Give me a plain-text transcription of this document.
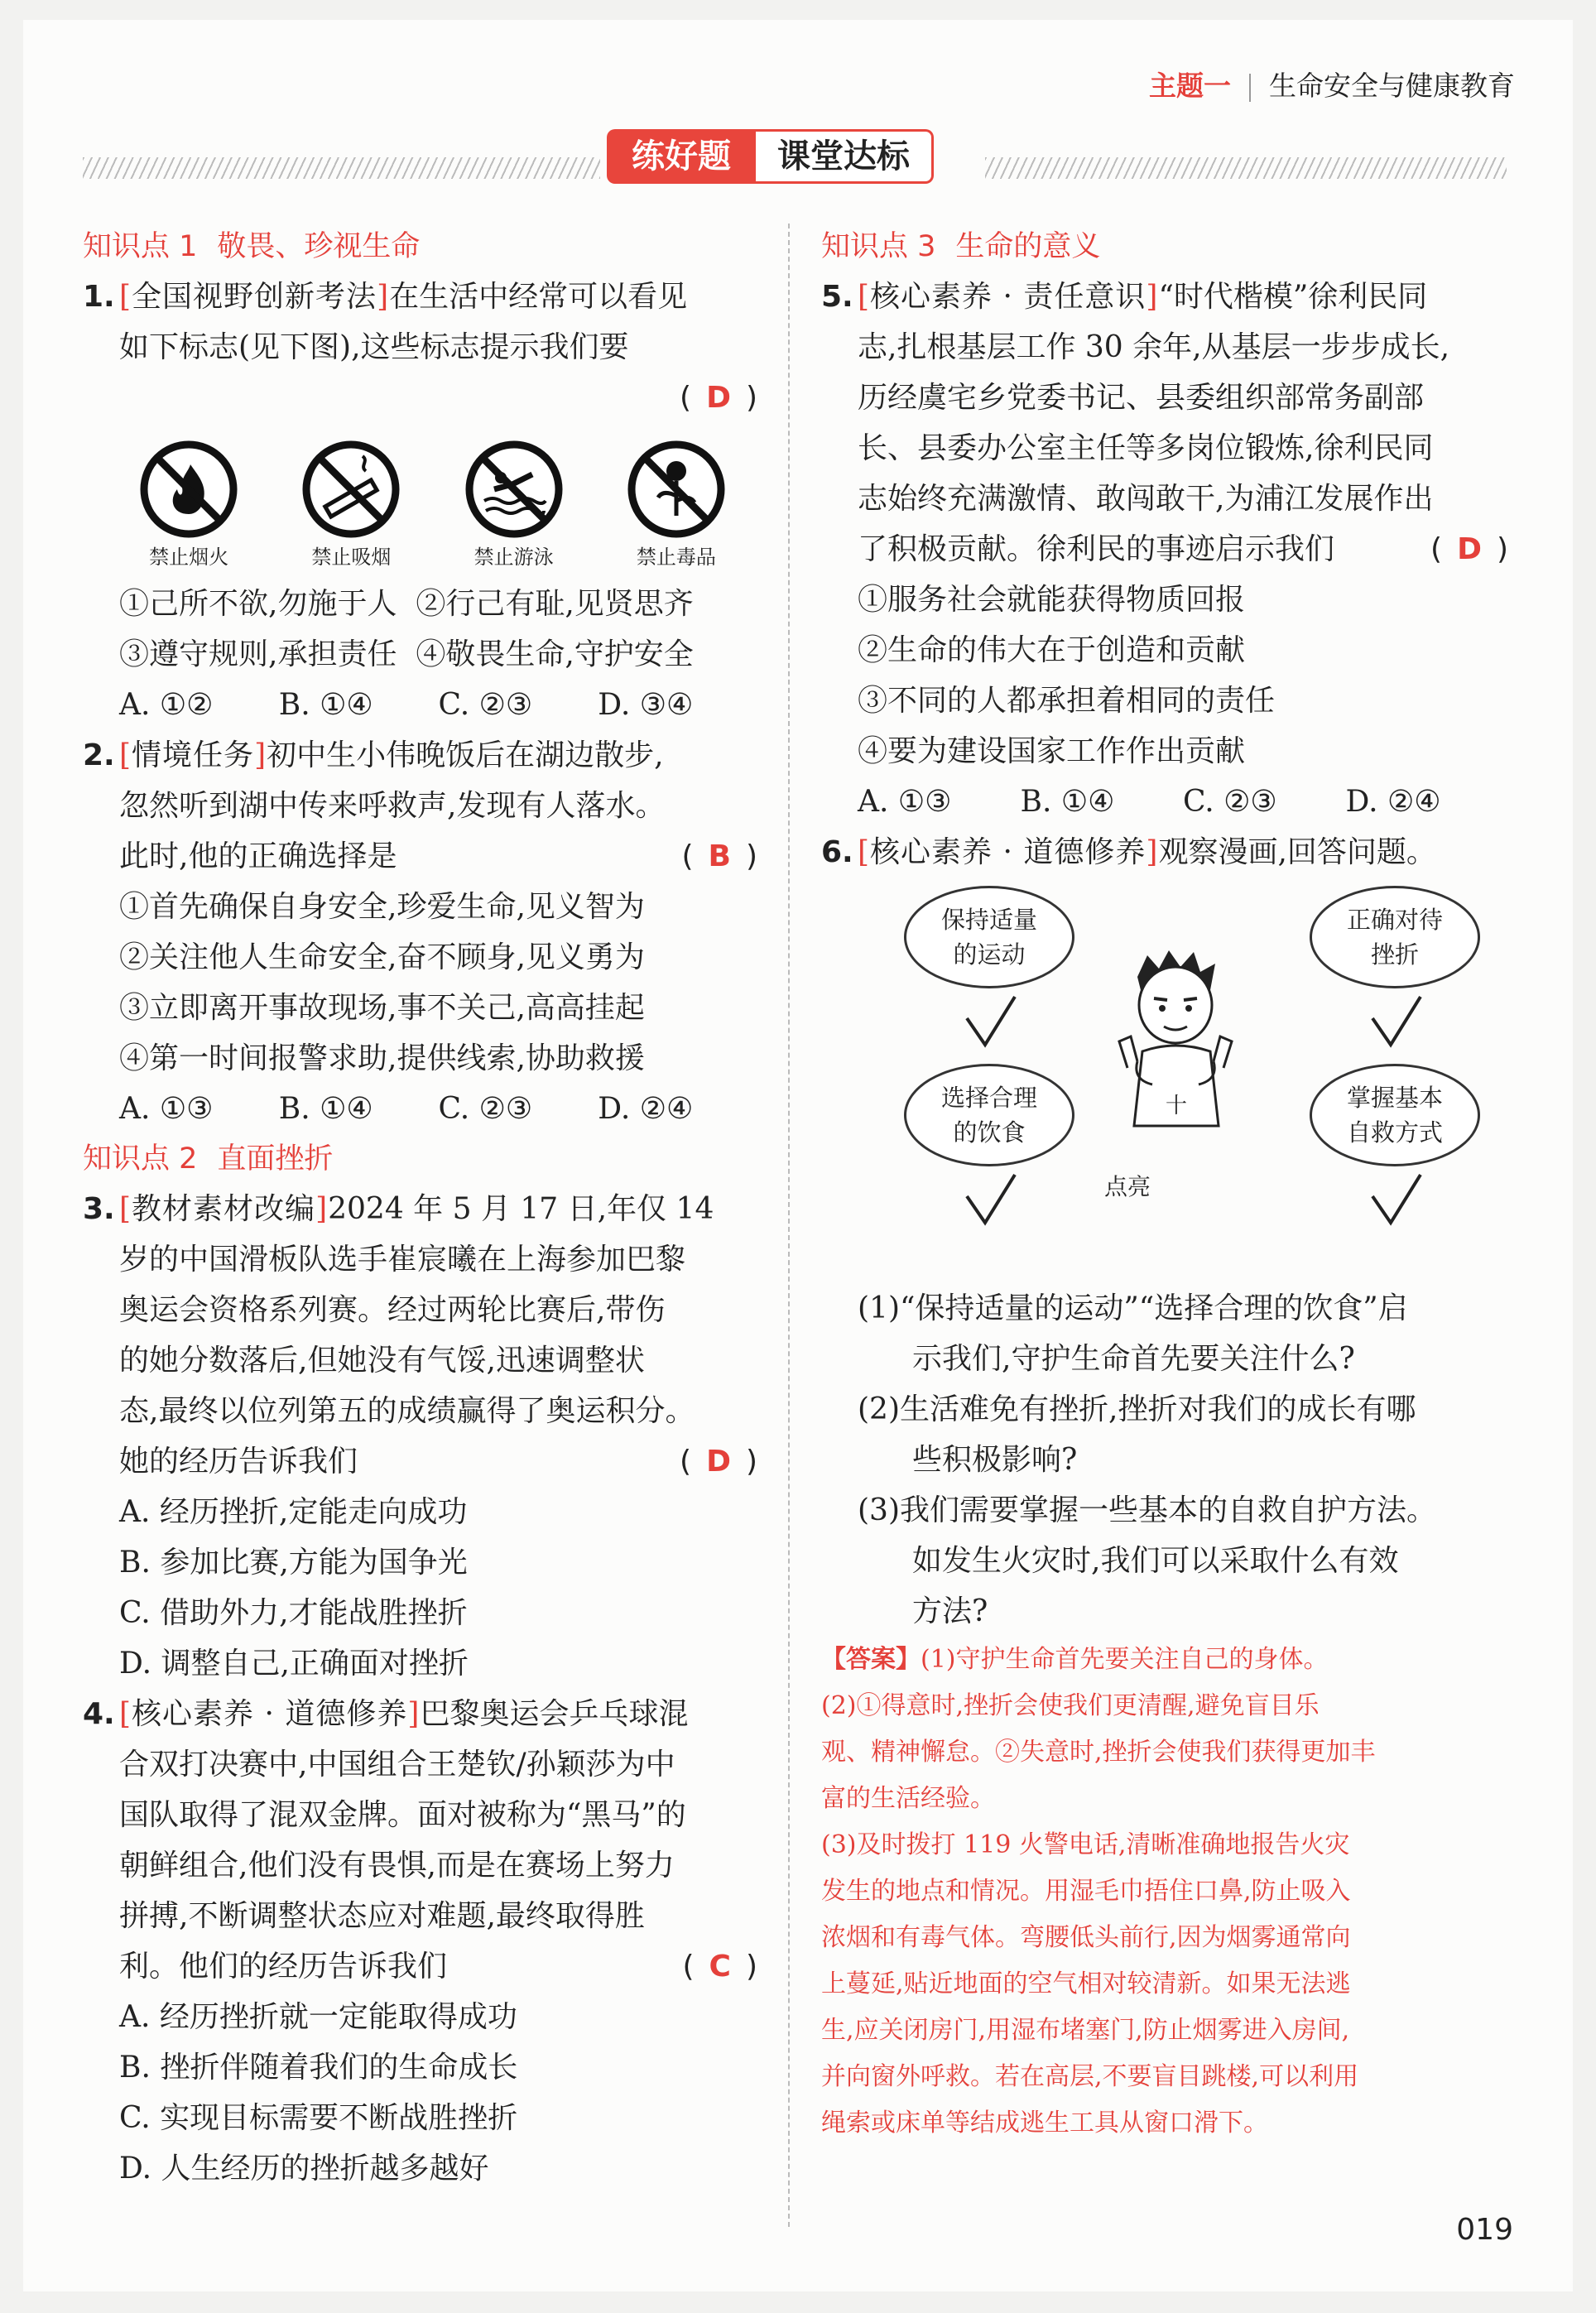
主题一 生命安全与健康教育
练好题	课堂达标
知识点 1 敬畏、珍视生命
1. [全国视野创新考法]在生活中经常可以看见
如下标志(见下图),这些标志提示我们要

( D )

禁止烟火	禁止吸烟	禁止游泳	禁止毒品
①己所不欲,勿施于人 ②行己有耻,见贤思齐
③遵守规则,承担责任 ④敬畏生命,守护安全
A. ①②	B. ①④	C. ②③	D. ③④
2. [情境任务]初中生小伟晚饭后在湖边散步,
忽然听到湖中传来呼救声,发现有人落水。
此时,他的正确选择是	( B )

①首先确保自身安全,珍爱生命,见义智为
②关注他人生命安全,奋不顾身,见义勇为
③立即离开事故现场,事不关己,高高挂起
④第一时间报警求助,提供线索,协助救援
A. ①③	B. ①④	C. ②③	D. ②④
知识点 2 直面挫折
3. [教材素材改编]2024 年 5 月 17 日,年仅 14
岁的中国滑板队选手崔宸曦在上海参加巴黎
奥运会资格系列赛。经过两轮比赛后,带伤
的她分数落后,但她没有气馁,迅速调整状
态,最终以位列第五的成绩赢得了奥运积分。
她的经历告诉我们	( D )

A. 经历挫折,定能走向成功
B. 参加比赛,方能为国争光
C. 借助外力,才能战胜挫折
D. 调整自己,正确面对挫折
4. [核心素养 · 道德修养]巴黎奥运会乒乓球混
合双打决赛中,中国组合王楚钦/孙颖莎为中
国队取得了混双金牌。面对被称为“黑马”的
朝鲜组合,他们没有畏惧,而是在赛场上努力
拼搏,不断调整状态应对难题,最终取得胜
利。他们的经历告诉我们	( C )

A. 经历挫折就一定能取得成功
B. 挫折伴随着我们的生命成长
C. 实现目标需要不断战胜挫折
D. 人生经历的挫折越多越好
知识点 3 生命的意义
5. [核心素养 · 责任意识]“时代楷模”徐利民同
志,扎根基层工作 30 余年,从基层一步步成长,
历经虞宅乡党委书记、县委组织部常务副部
长、县委办公室主任等多岗位锻炼,徐利民同
志始终充满激情、敢闯敢干,为浦江发展作出
了积极贡献。徐利民的事迹启示我们	( D )

①服务社会就能获得物质回报
②生命的伟大在于创造和贡献
③不同的人都承担着相同的责任
④要为建设国家工作作出贡献
A. ①③	B. ①④	C. ②③	D. ②④
6. [核心素养 · 道德修养]观察漫画,回答问题。
保持适量的运动
正确对待挫折
选择合理的饮食
掌握基本自救方式
十
点亮
(1)“保持适量的运动”“选择合理的饮食”启
示我们,守护生命首先要关注什么?
(2)生活难免有挫折,挫折对我们的成长有哪
些积极影响?
(3)我们需要掌握一些基本的自救自护方法。
如发生火灾时,我们可以采取什么有效
方法?
【答案】(1)守护生命首先要关注自己的身体。
(2)①得意时,挫折会使我们更清醒,避免盲目乐
观、精神懈怠。②失意时,挫折会使我们获得更加丰
富的生活经验。
(3)及时拨打 119 火警电话,清晰准确地报告火灾
发生的地点和情况。用湿毛巾捂住口鼻,防止吸入
浓烟和有毒气体。弯腰低头前行,因为烟雾通常向
上蔓延,贴近地面的空气相对较清新。如果无法逃
生,应关闭房门,用湿布堵塞门,防止烟雾进入房间,
并向窗外呼救。若在高层,不要盲目跳楼,可以利用
绳索或床单等结成逃生工具从窗口滑下。
019
